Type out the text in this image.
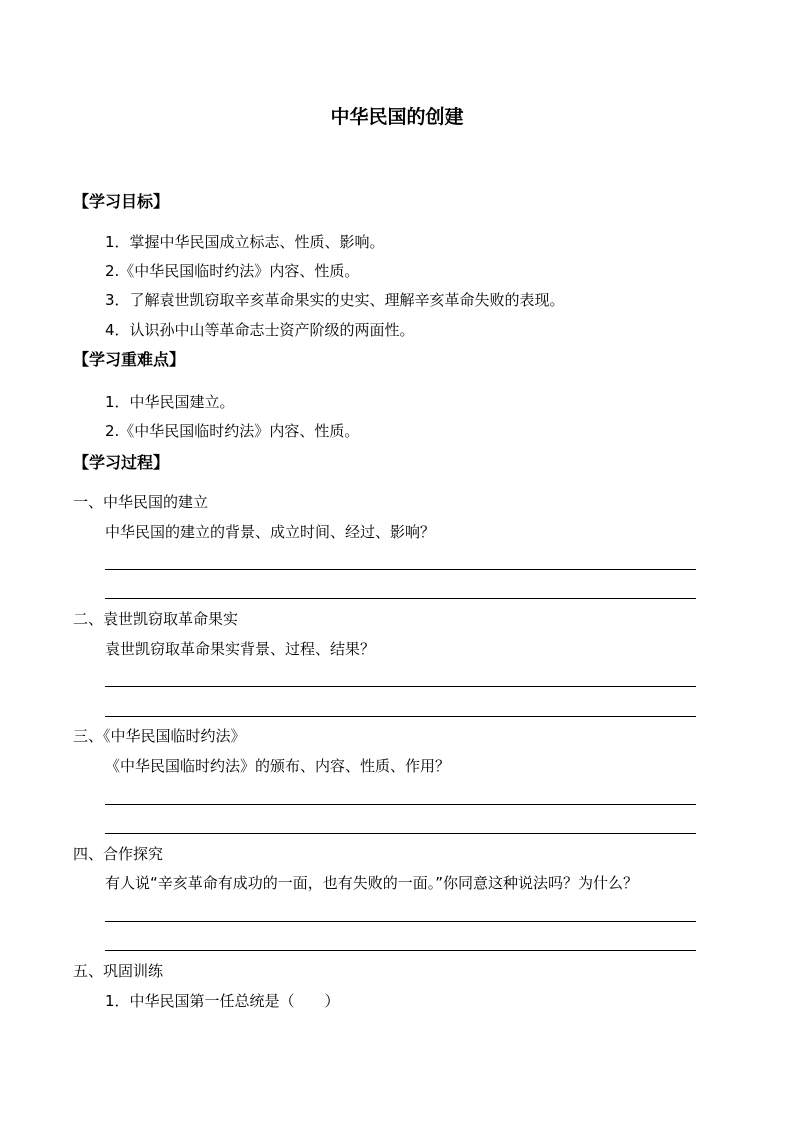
中华民国的创建
【学习目标】
1．掌握中华民国成立标志、性质、影响。
2.《中华民国临时约法》内容、性质。
3．了解袁世凯窃取辛亥革命果实的史实、理解辛亥革命失败的表现。
4．认识孙中山等革命志士资产阶级的两面性。
【学习重难点】
1．中华民国建立。
2.《中华民国临时约法》内容、性质。
【学习过程】
一、中华民国的建立
中华民国的建立的背景、成立时间、经过、影响？
二、袁世凯窃取革命果实
袁世凯窃取革命果实背景、过程、结果？
三、《中华民国临时约法》
《中华民国临时约法》的颁布、内容、性质、作用？
四、合作探究
有人说“辛亥革命有成功的一面，也有失败的一面。”你同意这种说法吗？为什么？
五、巩固训练
1．中华民国第一任总统是（　　）
